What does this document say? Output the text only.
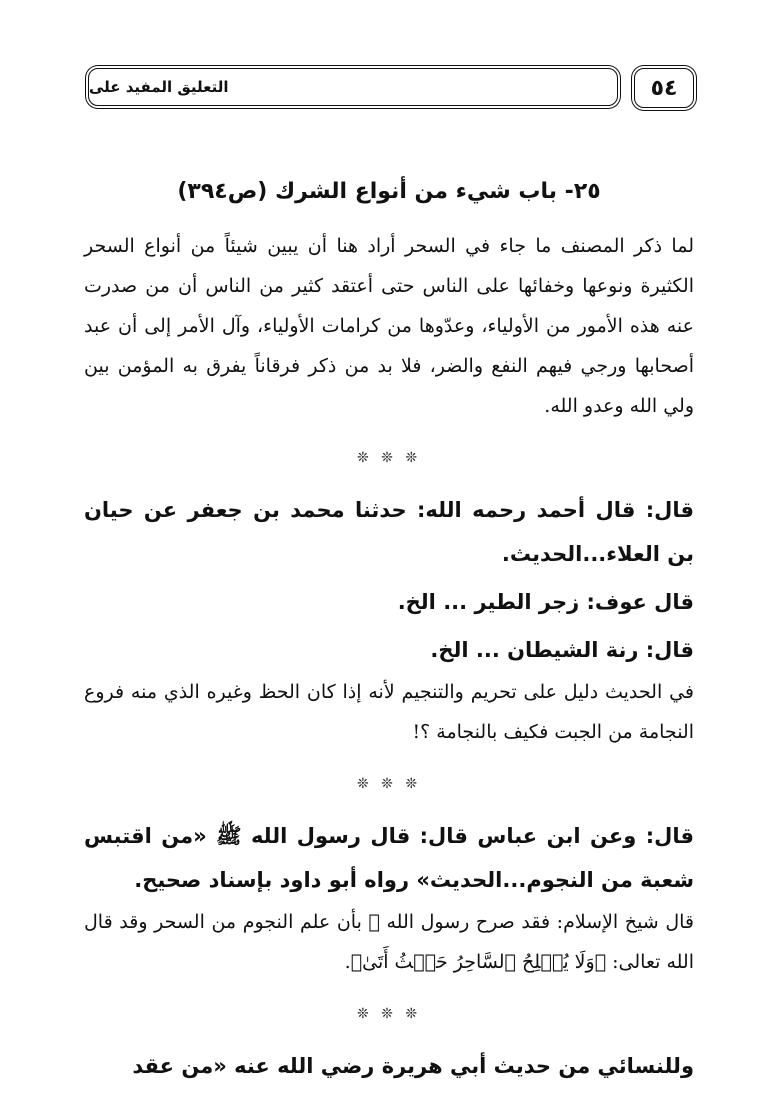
التعليق المفيد على	٥٤
٢٥- باب شيء من أنواع الشرك (ص٣٩٤)

لما ذكر المصنف ما جاء في السحر أراد هنا أن يبين شيئاً من أنواع السحر الكثيرة ونوعها وخفائها على الناس حتى أعتقد كثير من الناس أن من صدرت عنه هذه الأمور من الأولياء، وعدّوها من كرامات الأولياء، وآل الأمر إلى أن عبد أصحابها ورجي فيهم النفع والضر، فلا بد من ذكر فرقاناً يفرق به المؤمن بين ولي الله وعدو الله.

❊ ❊ ❊

قال: قال أحمد رحمه الله: حدثنا محمد بن جعفر عن حيان بن العلاء...الحديث.

قال عوف: زجر الطير ... الخ.

قال: رنة الشيطان ... الخ.

في الحديث دليل على تحريم والتنجيم لأنه إذا كان الحظ وغيره الذي منه فروع النجامة من الجبت فكيف بالنجامة ؟!

❊ ❊ ❊

قال: وعن ابن عباس قال: قال رسول الله ﷺ «من اقتبس شعبة من النجوم...الحديث» رواه أبو داود بإسناد صحيح.

قال شيخ الإسلام: فقد صرح رسول الله ﷺ بأن علم النجوم من السحر وقد قال الله تعالى: ﴿وَلَا يُفۡلِحُ ٱلسَّاحِرُ حَيۡثُ أَتَىٰ﴾.

❊ ❊ ❊

وللنسائي من حديث أبي هريرة رضي الله عنه «من عقد
